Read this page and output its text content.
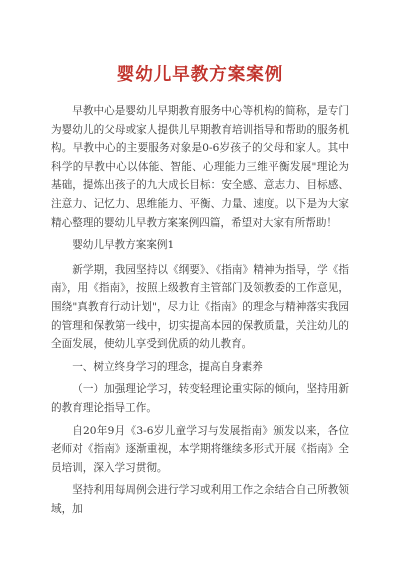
婴幼儿早教方案案例

早教中心是婴幼儿早期教育服务中心等机构的简称，是专门为婴幼儿的父母或家人提供儿早期教育培训指导和帮助的服务机构。早教中心的主要服务对象是0-6岁孩子的父母和家人。其中科学的早教中心以体能、智能、心理能力三维平衡发展"理论为基础，提炼出孩子的九大成长目标：安全感、意志力、目标感、注意力、记忆力、思维能力、平衡、力量、速度。以下是为大家精心整理的婴幼儿早教方案案例四篇，希望对大家有所帮助！

婴幼儿早教方案案例1

新学期，我园坚持以《纲要》、《指南》精神为指导，学《指南》，用《指南》，按照上级教育主管部门及领教委的工作意见，围绕"真教育行动计划"，尽力让《指南》的理念与精神落实我园的管理和保教第一线中，切实提高本园的保教质量，关注幼儿的全面发展，使幼儿享受到优质的幼儿教育。

一、树立终身学习的理念，提高自身素养

（一）加强理论学习，转变轻理论重实际的倾向，坚持用新的教育理论指导工作。

自20年9月《3-6岁儿童学习与发展指南》颁发以来，各位老师对《指南》逐渐重视，本学期将继续多形式开展《指南》全员培训，深入学习贯彻。

坚持利用每周例会进行学习或利用工作之余结合自己所教领域，加
